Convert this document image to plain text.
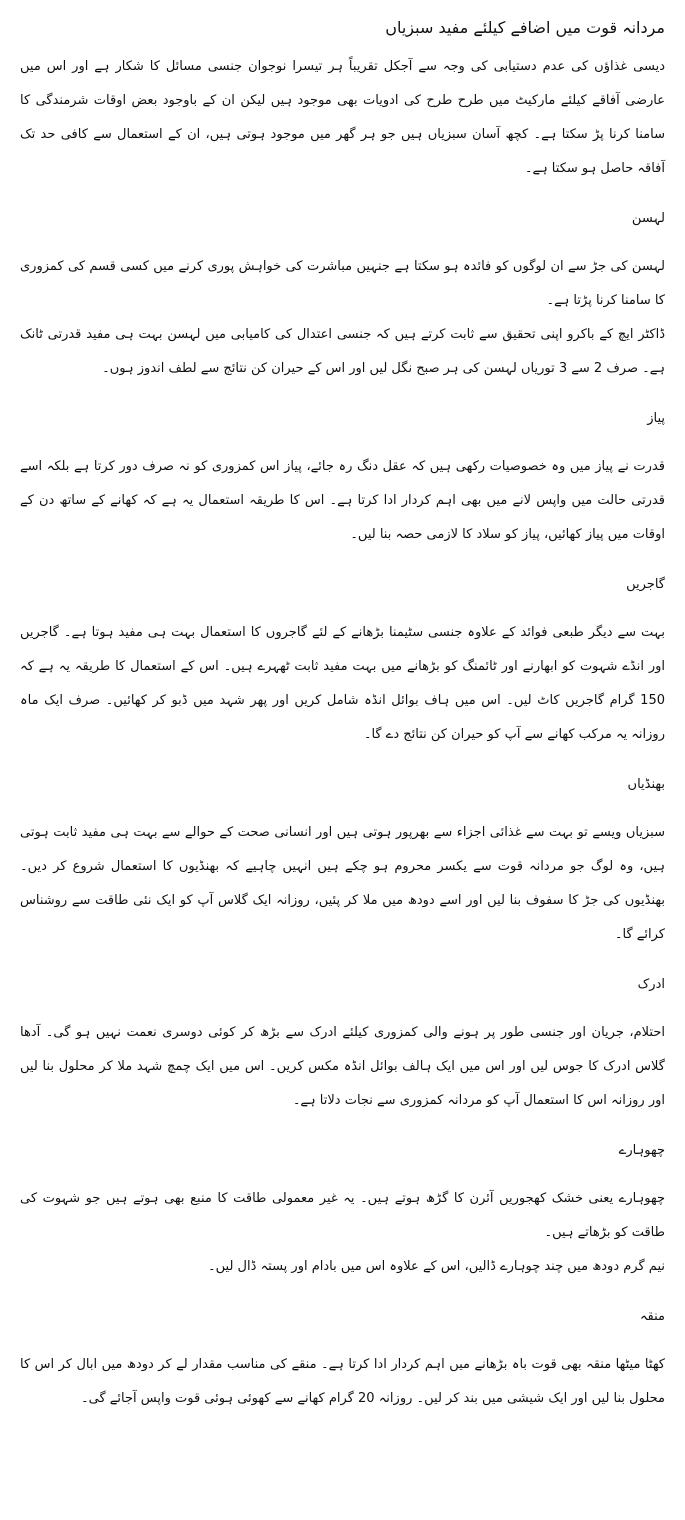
مردانہ قوت میں اضافے کیلئے مفید سبزیاں

دیسی غذاؤں کی عدم دستیابی کی وجہ سے آجکل تقریباً ہر تیسرا نوجوان جنسی مسائل کا شکار ہے اور اس میں عارضی آفاقے کیلئے مارکیٹ میں طرح طرح کی ادویات بھی موجود ہیں لیکن ان کے باوجود بعض اوقات شرمندگی کا سامنا کرنا پڑ سکتا ہے۔ کچھ آسان سبزیاں ہیں جو ہر گھر میں موجود ہوتی ہیں، ان کے استعمال سے کافی حد تک آفاقہ حاصل ہو سکتا ہے۔

لہسن

لہسن کی جڑ سے ان لوگوں کو فائدہ ہو سکتا ہے جنہیں مباشرت کی خواہش پوری کرنے میں کسی قسم کی کمزوری کا سامنا کرنا پڑتا ہے۔

ڈاکٹر ایچ کے باکرو اپنی تحقیق سے ثابت کرتے ہیں کہ جنسی اعتدال کی کامیابی میں لہسن بہت ہی مفید قدرتی ٹانک ہے۔ صرف 2 سے 3 توریاں لہسن کی ہر صبح نگل لیں اور اس کے حیران کن نتائج سے لطف اندوز ہوں۔

پیاز

قدرت نے پیاز میں وہ خصوصیات رکھی ہیں کہ عقل دنگ رہ جائے، پیاز اس کمزوری کو نہ صرف دور کرتا ہے بلکہ اسے قدرتی حالت میں واپس لانے میں بھی اہم کردار ادا کرتا ہے۔ اس کا طریقہ استعمال یہ ہے کہ کھانے کے ساتھ دن کے اوقات میں پیاز کھائیں، پیاز کو سلاد کا لازمی حصہ بنا لیں۔

گاجریں

بہت سے دیگر طبعی فوائد کے علاوہ جنسی سٹیمنا بڑھانے کے لئے گاجروں کا استعمال بہت ہی مفید ہوتا ہے۔ گاجریں اور انڈے شہوت کو ابھارنے اور ٹائمنگ کو بڑھانے میں بہت مفید ثابت ٹھہرے ہیں۔ اس کے استعمال کا طریقہ یہ ہے کہ 150 گرام گاجریں کاٹ لیں۔ اس میں ہاف بوائل انڈہ شامل کریں اور پھر شہد میں ڈبو کر کھائیں۔ صرف ایک ماہ روزانہ یہ مرکب کھانے سے آپ کو حیران کن نتائج دے گا۔

بھنڈیاں

سبزیاں ویسے تو بہت سے غذائی اجزاء سے بھرپور ہوتی ہیں اور انسانی صحت کے حوالے سے بہت ہی مفید ثابت ہوتی ہیں، وہ لوگ جو مردانہ قوت سے یکسر محروم ہو چکے ہیں انہیں چاہیے کہ بھنڈیوں کا استعمال شروع کر دیں۔ بھنڈیوں کی جڑ کا سفوف بنا لیں اور اسے دودھ میں ملا کر پئیں، روزانہ ایک گلاس آپ کو ایک نئی طاقت سے روشناس کرائے گا۔

ادرک

احتلام، جریان اور جنسی طور پر ہونے والی کمزوری کیلئے ادرک سے بڑھ کر کوئی دوسری نعمت نہیں ہو گی۔ آدھا گلاس ادرک کا جوس لیں اور اس میں ایک ہالف بوائل انڈہ مکس کریں۔ اس میں ایک چمچ شہد ملا کر محلول بنا لیں اور روزانہ اس کا استعمال آپ کو مردانہ کمزوری سے نجات دلاتا ہے۔

چھوہارے

چھوہارے یعنی خشک کھجوریں آئرن کا گڑھ ہوتے ہیں۔ یہ غیر معمولی طاقت کا منبع بھی ہوتے ہیں جو شہوت کی طاقت کو بڑھاتے ہیں۔

نیم گرم دودھ میں چند چوہارے ڈالیں، اس کے علاوہ اس میں بادام اور پستہ ڈال لیں۔

منقہ

کھٹا میٹھا منقہ بھی قوت باہ بڑھانے میں اہم کردار ادا کرتا ہے۔ منقے کی مناسب مقدار لے کر دودھ میں ابال کر اس کا محلول بنا لیں اور ایک شیشی میں بند کر لیں۔ روزانہ 20 گرام کھانے سے کھوئی ہوئی قوت واپس آجائے گی۔
